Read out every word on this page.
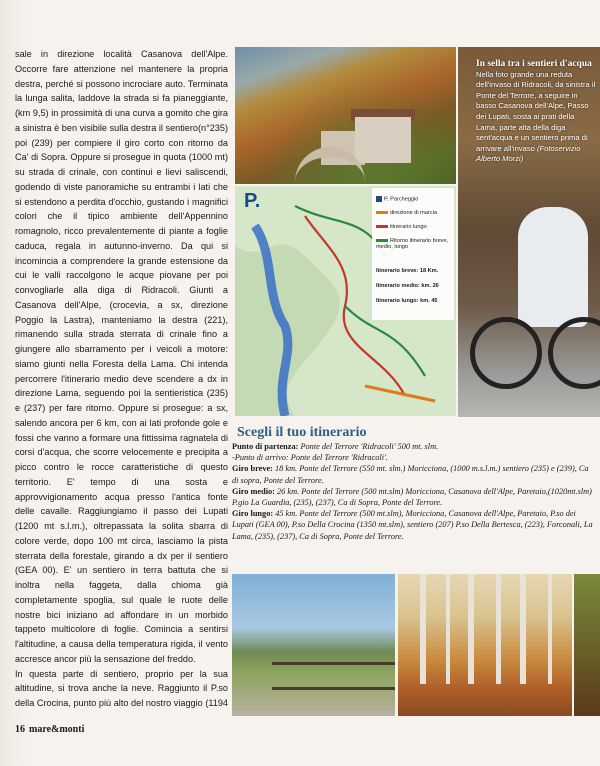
sale in direzione località Casanova dell'Alpe. Occorre fare attenzione nel mantenere la propria destra, perché si possono incrociare auto. Terminata la lunga salita, laddove la strada si fa pianeggiante, (km 9,5) in prossimità di una curva a gomito che gira a sinistra è ben visibile sulla destra il sentiero(n°235) poi (239) per compiere il giro corto con ritorno da Ca' di Sopra. Oppure si prosegue in quota (1000 mt) su strada di crinale, con continui e lievi saliscendi, godendo di viste panoramiche su entrambi i lati che si estendono a perdita d'occhio, gustando i magnifici colori che il tipico ambiente dell'Appennino romagnolo, ricco prevalentemente di piante a foglie caduca, regala in autunno-inverno. Da qui si incomincia a comprendere la grande estensione da cui le valli raccolgono le acque piovane per poi convogliarle alla diga di Ridracoli. Giunti a Casanova dell'Alpe, (crocevia, a sx, direzione Poggio la Lastra), manteniamo la destra (221), rimanendo sulla strada sterrata di crinale fino a giungere allo sbarramento per i veicoli a motore: siamo giunti nella Foresta della Lama. Chi intenda percorrere l'itinerario medio deve scendere a dx in direzione Lama, seguendo poi la sentieristica (235) e (237) per fare ritorno. Oppure si prosegue: a sx, salendo ancora per 6 km, con ai lati profonde gole e fossi che vanno a formare una fittissima ragnatela di corsi d'acqua, che scorre velocemente e precipita a picco contro le rocce caratteristiche di questo territorio. E' tempo di una sosta e approvvigionamento acqua presso l'antica fonte delle cavalle. Raggiungiamo il passo dei Lupati (1200 mt s.l.m.), oltrepassata la solita sbarra di colore verde, dopo 100 mt circa, lasciamo la pista sterrata della forestale, girando a dx per il sentiero (GEA 00). E' un sentiero in terra battuta che si inoltra nella faggeta, dalla chioma già completamente spoglia, sul quale le ruote delle nostre bici iniziano ad affondare in un morbido tappeto multicolore di foglie. Comincia a sentirsi l'altitudine, a causa della temperatura rigida, il vento accresce ancor più la sensazione del freddo.

In questa parte di sentiero, proprio per la sua altitudine, si trova anche la neve. Raggiunto il P.so della Crocina, punto più alto del nostro viaggio (1194

In sella tra i sentieri d'acqua Nella foto grande una reduta dell'invaso di Ridracoli, da sinistra il Ponte del Terrore, a seguire in basso Casanova dell'Alpe, Passo dei Lupati, sosta ai prati della Lama, parte alta della diga sent'acqua e un sentiero prima di arrivare all'invaso (Fotoservizio Alberto Morzi)
P.	P. Parcheggio
direzione di marcia
itinerario lungo
Ritorno itinerario breve, medio, lungo
Itinerario breve: 18 Km.
Itinerario medio: km. 26
Itinerario lungo: km. 45
Scegli il tuo itinerario

Punto di partenza: Ponte del Terrore 'Ridracoli' 500 mt. slm.

-Punto di arrivo: Ponte del Terrore 'Ridracoli'.

Giro breve: 18 km. Ponte del Terrore (550 mt. slm.) Moricciona, (1000 m.s.l.m.) sentiero (235) e (239), Ca di sopra, Ponte del Terrore.

Giro medio: 26 km. Ponte del Terrore (500 mt.slm) Moricciona, Casanova dell'Alpe, Paretaio,(1020mt.slm) P.gio La Guardia, (235), (237), Ca di Sopra, Ponte del Terrore.

Giro lungo: 45 km. Ponte del Terrore (500 mt.slm), Moricciona, Casanova dell'Alpe, Paretaio, P.so dei Lupati (GEA 00), P.so Della Crocina (1350 mt.slm), sentiero (207) P.so Della Bertesca, (223), Forconali, La Lama, (235), (237), Ca di Sopra, Ponte del Terrore.

16 mare&monti
